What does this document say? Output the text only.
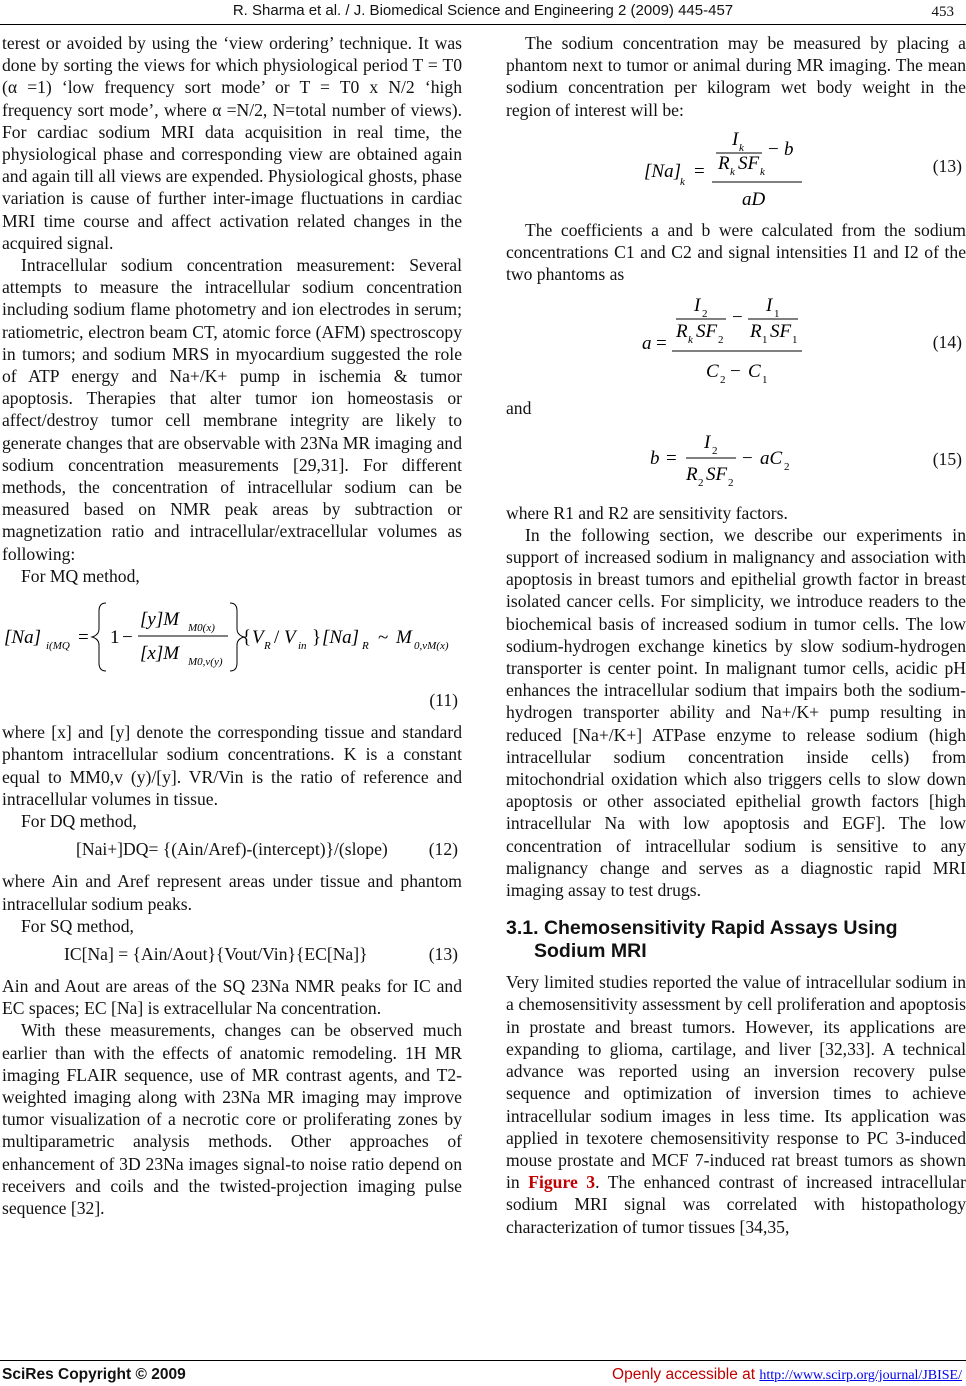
R. Sharma et al. / J. Biomedical Science and Engineering 2 (2009) 445-457	453

terest or avoided by using the ‘view ordering’ technique. It was done by sorting the views for which physiological period T = T0 (α =1) ‘low frequency sort mode’ or T = T0 x N/2 ‘high frequency sort mode’, where α =N/2, N=total number of views). For cardiac sodium MRI data acquisition in real time, the physiological phase and corresponding view are obtained again and again till all views are expended. Physiological ghosts, phase variation is cause of further inter-image fluctuations in cardiac MRI time course and affect activation related changes in the acquired signal.

Intracellular sodium concentration measurement: Several attempts to measure the intracellular sodium concentration including sodium flame photometry and ion electrodes in serum; ratiometric, electron beam CT, atomic force (AFM) spectroscopy in tumors; and sodium MRS in myocardium suggested the role of ATP energy and Na+/K+ pump in ischemia & tumor apoptosis. Therapies that alter tumor ion homeostasis or affect/destroy tumor cell membrane integrity are likely to generate changes that are observable with 23Na MR imaging and sodium concentration measurements [29,31]. For different methods, the concentration of intracellular sodium can be measured based on NMR peak areas by subtraction or magnetization ratio and intracellular/extracellular volumes as following:

For MQ method,

[Na] i(MQ = 1 −
[y]M M0(x)
[x]M M0,v(y)
{ V R / V in } [Na] R ~ M 0,vM(x)

(11)

where [x] and [y] denote the corresponding tissue and standard phantom intracellular sodium concentrations. K is a constant equal to MM0,v (y)/[y]. VR/Vin is the ratio of reference and intracellular volumes in tissue.

For DQ method,

[Nai+]DQ= {(Ain/Aref)-(intercept)}/(slope) (12)

where Ain and Aref represent areas under tissue and phantom intracellular sodium peaks.

For SQ method,

IC[Na] = {Ain/Aout}{Vout/Vin}{EC[Na]}	(13)

Ain and Aout are areas of the SQ 23Na NMR peaks for IC and EC spaces; EC [Na] is extracellular Na concentration.

With these measurements, changes can be observed much earlier than with the effects of anatomic remodeling. 1H MR imaging FLAIR sequence, use of MR contrast agents, and T2-weighted imaging along with 23Na MR imaging may improve tumor visualization of a necrotic core or proliferating zones by multiparametric analysis methods. Other approaches of enhancement of 3D 23Na images signal-to noise ratio depend on receivers and coils and the twisted-projection imaging pulse sequence [32].

The sodium concentration may be measured by placing a phantom next to tumor or animal during MR imaging. The mean sodium concentration per kilogram wet body weight in the region of interest will be:

[Na] k =
I k
R k SF k
− b
aD
(13)

The coefficients a and b were calculated from the sodium concentrations C1 and C2 and signal intensities I1 and I2 of the two phantoms as

a =
I 2
R k SF 2
−
I 1
R 1 SF 1
C 2 − C 1
(14)

and

b =
I 2
R 2 SF 2
− aC 2	(15)

where R1 and R2 are sensitivity factors.

In the following section, we describe our experiments in support of increased sodium in malignancy and association with apoptosis in breast tumors and epithelial growth factor in breast isolated cancer cells. For simplicity, we introduce readers to the biochemical basis of increased sodium in tumor cells. The low sodium-hydrogen exchange kinetics by slow sodium-hydrogen transporter is center point. In malignant tumor cells, acidic pH enhances the intracellular sodium that impairs both the sodium-hydrogen transporter ability and Na+/K+ pump resulting in reduced [Na+/K+] ATPase enzyme to release sodium (high intracellular sodium concentration inside cells) from mitochondrial oxidation which also triggers cells to slow down apoptosis or other associated epithelial growth factors [high intracellular Na with low apoptosis and EGF]. The low concentration of intracellular sodium is sensitive to any malignancy change and serves as a diagnostic rapid MRI imaging assay to test drugs.

3.1. Chemosensitivity Rapid Assays Using Sodium MRI

Very limited studies reported the value of intracellular sodium in a chemosensitivity assessment by cell proliferation and apoptosis in prostate and breast tumors. However, its applications are expanding to glioma, cartilage, and liver [32,33]. A technical advance was reported using an inversion recovery pulse sequence and optimization of inversion times to achieve intracellular sodium images in less time. Its application was applied in texotere chemosensitivity response to PC 3-induced mouse prostate and MCF 7-induced rat breast tumors as shown in Figure 3. The enhanced contrast of increased intracellular sodium MRI signal was correlated with histopathology characterization of tumor tissues [34,35,

SciRes Copyright © 2009	Openly accessible at http://www.scirp.org/journal/JBISE/
